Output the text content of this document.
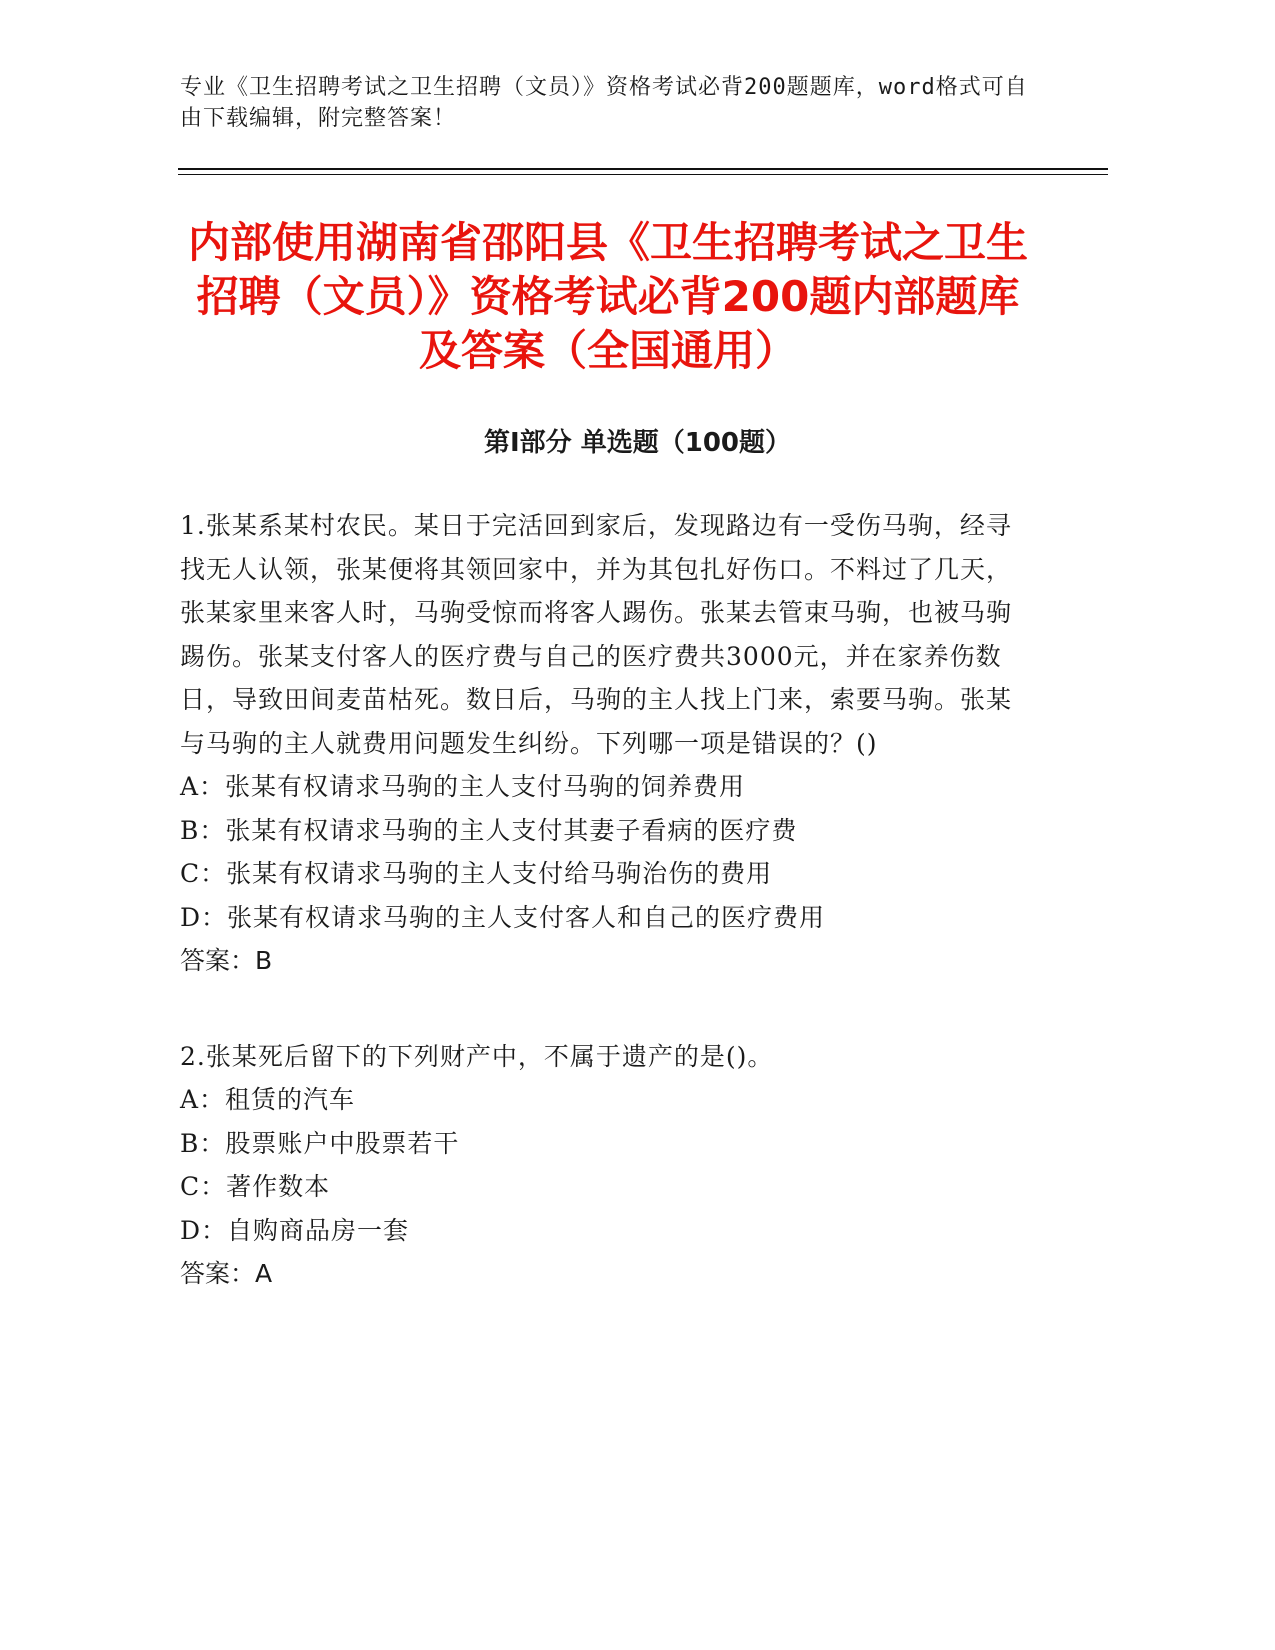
专业《卫生招聘考试之卫生招聘（文员）》资格考试必背200题题库，word格式可自由下载编辑，附完整答案！
内部使用湖南省邵阳县《卫生招聘考试之卫生招聘（文员）》资格考试必背200题内部题库及答案（全国通用）
第I部分 单选题（100题）
1.张某系某村农民。某日于完活回到家后，发现路边有一受伤马驹，经寻找无人认领，张某便将其领回家中，并为其包扎好伤口。不料过了几天，张某家里来客人时，马驹受惊而将客人踢伤。张某去管束马驹，也被马驹踢伤。张某支付客人的医疗费与自己的医疗费共3000元，并在家养伤数日，导致田间麦苗枯死。数日后，马驹的主人找上门来，索要马驹。张某与马驹的主人就费用问题发生纠纷。下列哪一项是错误的？()
A：张某有权请求马驹的主人支付马驹的饲养费用
B：张某有权请求马驹的主人支付其妻子看病的医疗费
C：张某有权请求马驹的主人支付给马驹治伤的费用
D：张某有权请求马驹的主人支付客人和自己的医疗费用
答案：B
2.张某死后留下的下列财产中，不属于遗产的是()。
A：租赁的汽车
B：股票账户中股票若干
C：著作数本
D：自购商品房一套
答案：A
